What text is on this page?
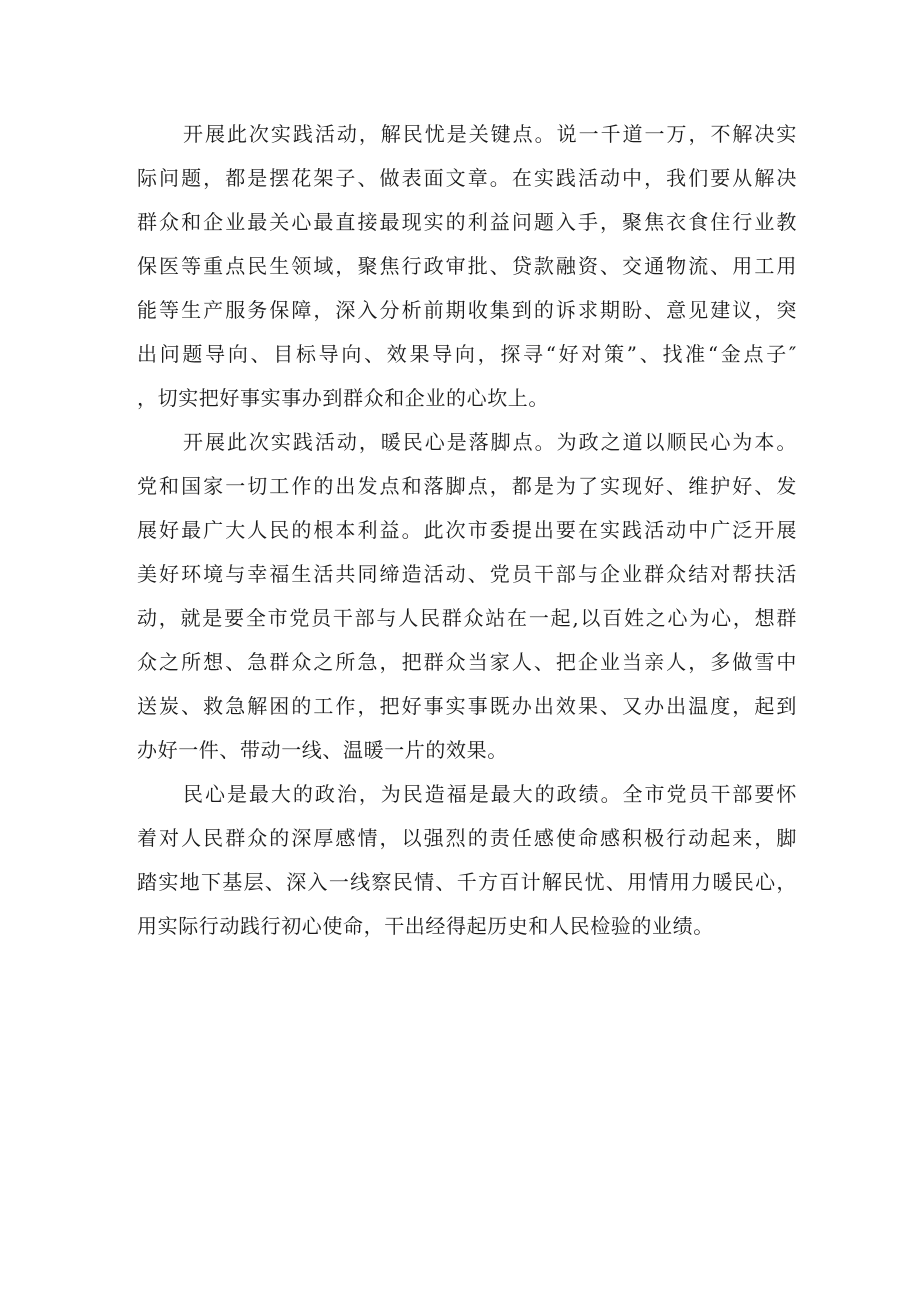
开展此次实践活动，解民忧是关键点。说一千道一万，不解决实
际问题，都是摆花架子、做表面文章。在实践活动中，我们要从解决
群众和企业最关心最直接最现实的利益问题入手，聚焦衣食住行业教
保医等重点民生领域，聚焦行政审批、贷款融资、交通物流、用工用
能等生产服务保障，深入分析前期收集到的诉求期盼、意见建议，突
出问题导向、目标导向、效果导向，探寻“好对策”、找准“金点子″
，切实把好事实事办到群众和企业的心坎上。
开展此次实践活动，暖民心是落脚点。为政之道以顺民心为本。
党和国家一切工作的出发点和落脚点，都是为了实现好、维护好、发
展好最广大人民的根本利益。此次市委提出要在实践活动中广泛开展
美好环境与幸福生活共同缔造活动、党员干部与企业群众结对帮扶活
动，就是要全市党员干部与人民群众站在一起,以百姓之心为心，想群
众之所想、急群众之所急，把群众当家人、把企业当亲人，多做雪中
送炭、救急解困的工作，把好事实事既办出效果、又办出温度，起到
办好一件、带动一线、温暖一片的效果。
民心是最大的政治，为民造福是最大的政绩。全市党员干部要怀
着对人民群众的深厚感情，以强烈的责任感使命感积极行动起来，脚
踏实地下基层、深入一线察民情、千方百计解民忧、用情用力暖民心，
用实际行动践行初心使命，干出经得起历史和人民检验的业绩。
